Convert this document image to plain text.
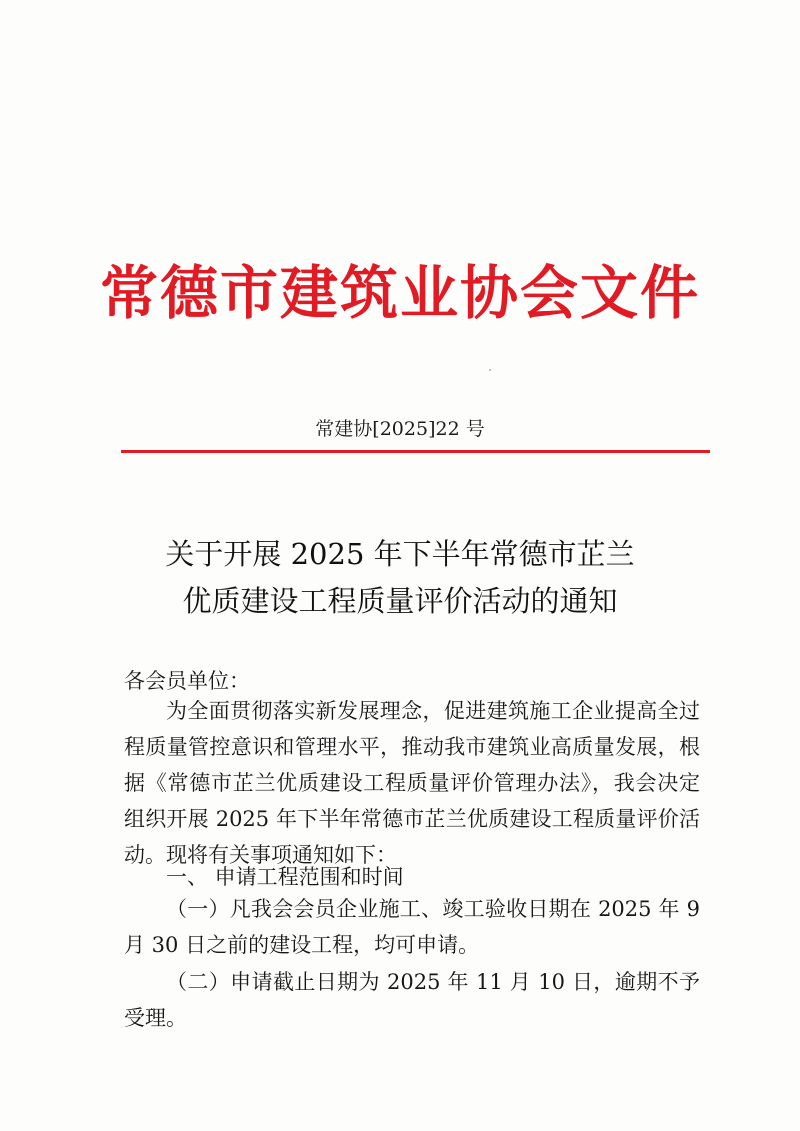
常德市建筑业协会文件
常建协[2025]22 号
关于开展 2025 年下半年常德市芷兰
优质建设工程质量评价活动的通知
各会员单位：
为全面贯彻落实新发展理念，促进建筑施工企业提高全过程质量管控意识和管理水平，推动我市建筑业高质量发展，根据《常德市芷兰优质建设工程质量评价管理办法》，我会决定组织开展 2025 年下半年常德市芷兰优质建设工程质量评价活动。现将有关事项通知如下：
一、 申请工程范围和时间
（一）凡我会会员企业施工、竣工验收日期在 2025 年 9 月 30 日之前的建设工程，均可申请。
（二）申请截止日期为 2025 年 11 月 10 日，逾期不予受理。
